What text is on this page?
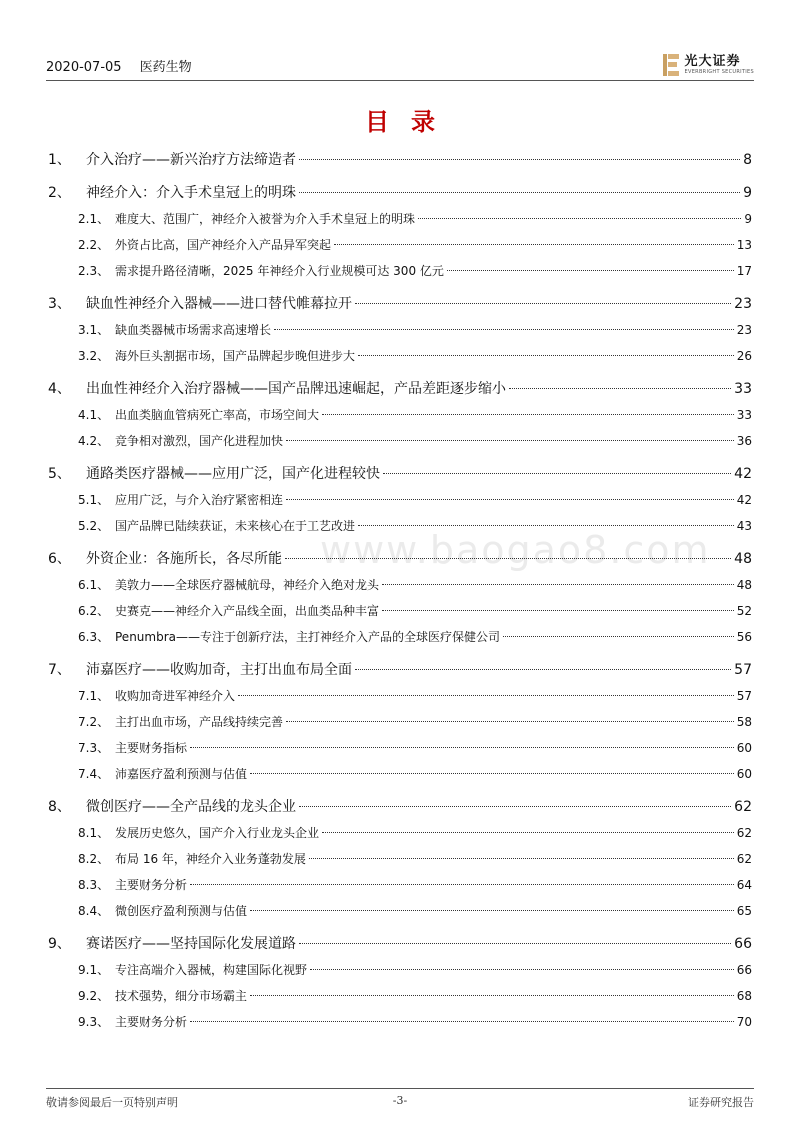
2020-07-05 医药生物	光大证券
EVERBRIGHT SECURITIES
目录
www.baogao8.com
1、	介入治疗——新兴治疗方法缔造者	8
2、	神经介入：介入手术皇冠上的明珠	9
2.1、 难度大、范围广，神经介入被誉为介入手术皇冠上的明珠	9
2.2、 外资占比高，国产神经介入产品异军突起	13
2.3、 需求提升路径清晰，2025 年神经介入行业规模可达 300 亿元	17
3、	缺血性神经介入器械——进口替代帷幕拉开	23
3.1、 缺血类器械市场需求高速增长	23
3.2、 海外巨头割据市场，国产品牌起步晚但进步大	26
4、	出血性神经介入治疗器械——国产品牌迅速崛起，产品差距逐步缩小	33
4.1、 出血类脑血管病死亡率高，市场空间大	33
4.2、 竞争相对激烈，国产化进程加快	36
5、	通路类医疗器械——应用广泛，国产化进程较快	42
5.1、 应用广泛，与介入治疗紧密相连	42
5.2、 国产品牌已陆续获证，未来核心在于工艺改进	43
6、	外资企业：各施所长，各尽所能	48
6.1、 美敦力——全球医疗器械航母，神经介入绝对龙头	48
6.2、 史赛克——神经介入产品线全面，出血类品种丰富	52
6.3、 Penumbra——专注于创新疗法，主打神经介入产品的全球医疗保健公司	56
7、	沛嘉医疗——收购加奇，主打出血布局全面	57
7.1、 收购加奇进军神经介入	57
7.2、 主打出血市场，产品线持续完善	58
7.3、 主要财务指标	60
7.4、 沛嘉医疗盈利预测与估值	60
8、	微创医疗——全产品线的龙头企业	62
8.1、 发展历史悠久，国产介入行业龙头企业	62
8.2、 布局 16 年，神经介入业务蓬勃发展	62
8.3、 主要财务分析	64
8.4、 微创医疗盈利预测与估值	65
9、	赛诺医疗——坚持国际化发展道路	66
9.1、 专注高端介入器械，构建国际化视野	66
9.2、 技术强势，细分市场霸主	68
9.3、 主要财务分析	70
敬请参阅最后一页特别声明	-3-	证券研究报告
